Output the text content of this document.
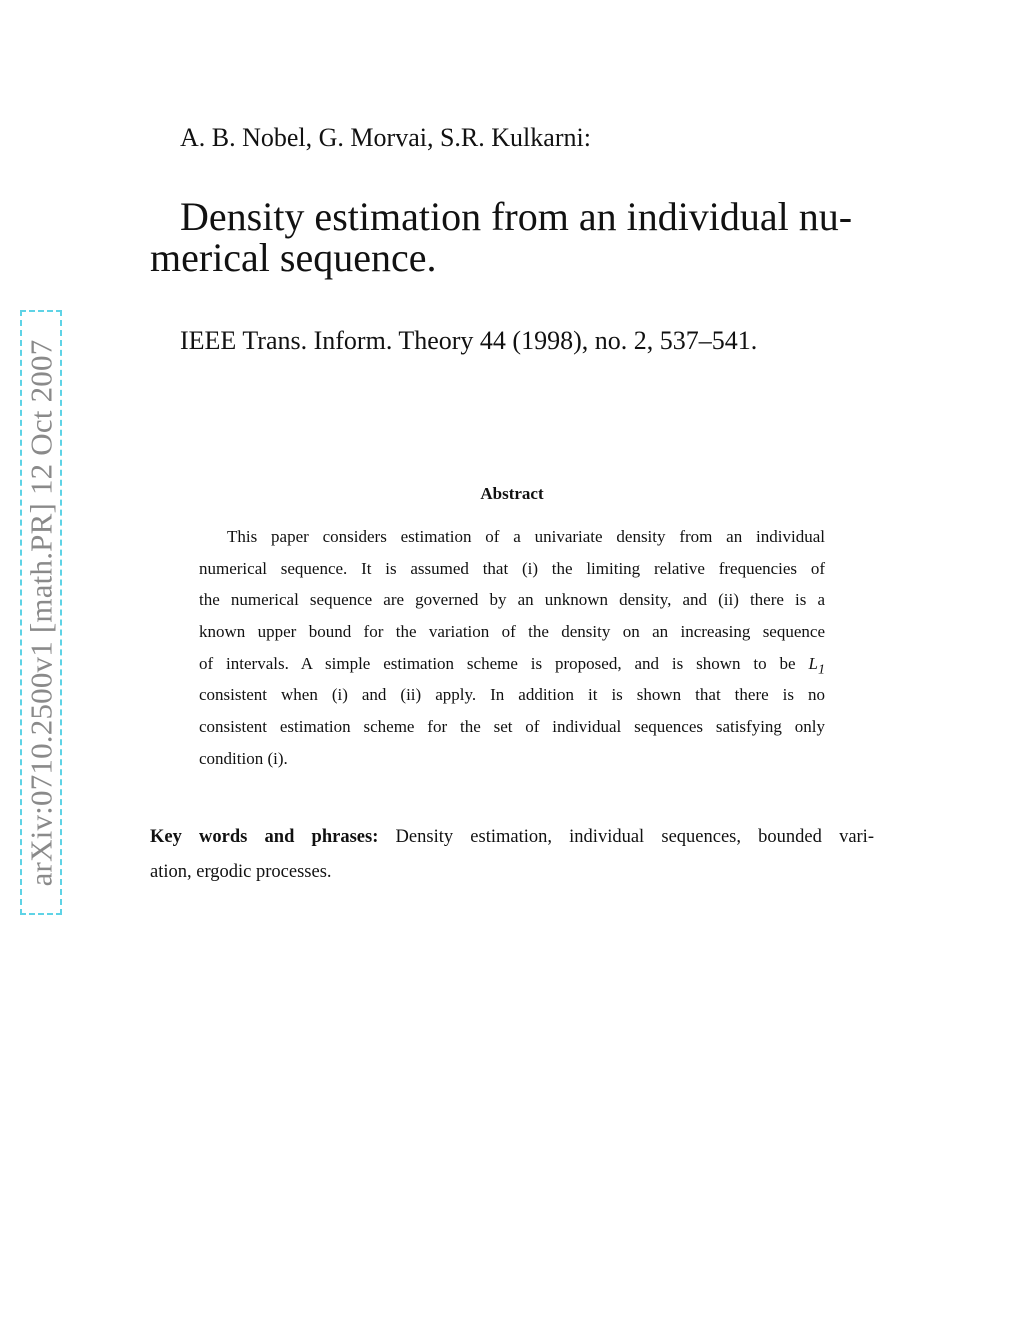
arXiv:0710.2500v1 [math.PR] 12 Oct 2007
A. B. Nobel, G. Morvai, S.R. Kulkarni:
Density estimation from an individual nu-
merical sequence.
IEEE Trans. Inform. Theory 44 (1998), no. 2, 537–541.
Abstract
This paper considers estimation of a univariate density from an individual
numerical sequence. It is assumed that (i) the limiting relative frequencies of
the numerical sequence are governed by an unknown density, and (ii) there is a
known upper bound for the variation of the density on an increasing sequence
of intervals. A simple estimation scheme is proposed, and is shown to be $L_1$
consistent when (i) and (ii) apply. In addition it is shown that there is no
consistent estimation scheme for the set of individual sequences satisfying only
condition (i).
Key words and phrases: Density estimation, individual sequences, bounded vari-
ation, ergodic processes.
